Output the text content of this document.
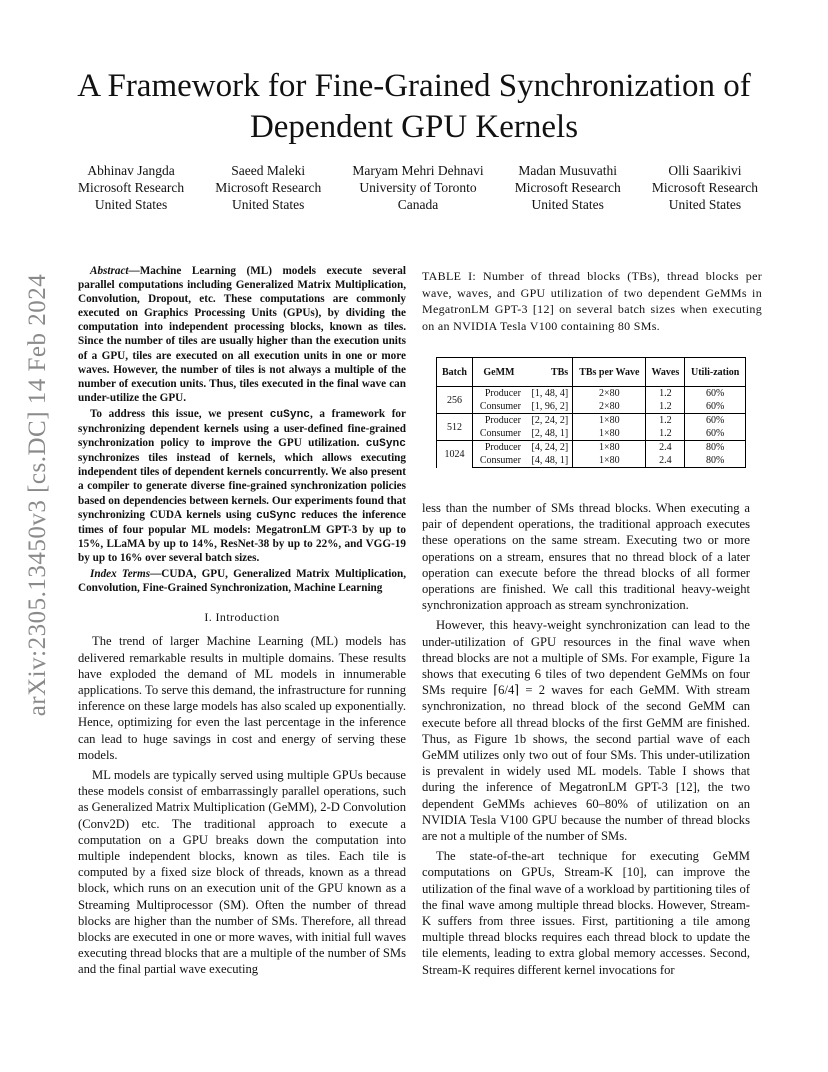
arXiv:2305.13450v3 [cs.DC] 14 Feb 2024
A Framework for Fine-Grained Synchronization of
Dependent GPU Kernels
Abhinav Jangda
Microsoft Research
United States
Saeed Maleki
Microsoft Research
United States
Maryam Mehri Dehnavi
University of Toronto
Canada
Madan Musuvathi
Microsoft Research
United States
Olli Saarikivi
Microsoft Research
United States

Abstract—Machine Learning (ML) models execute several parallel computations including Generalized Matrix Multiplication, Convolution, Dropout, etc. These computations are commonly executed on Graphics Processing Units (GPUs), by dividing the computation into independent processing blocks, known as tiles. Since the number of tiles are usually higher than the execution units of a GPU, tiles are executed on all execution units in one or more waves. However, the number of tiles is not always a multiple of the number of execution units. Thus, tiles executed in the final wave can under-utilize the GPU.

To address this issue, we present cuSync, a framework for synchronizing dependent kernels using a user-defined fine-grained synchronization policy to improve the GPU utilization. cuSync synchronizes tiles instead of kernels, which allows executing independent tiles of dependent kernels concurrently. We also present a compiler to generate diverse fine-grained synchronization policies based on dependencies between kernels. Our experiments found that synchronizing CUDA kernels using cuSync reduces the inference times of four popular ML models: MegatronLM GPT-3 by up to 15%, LLaMA by up to 14%, ResNet-38 by up to 22%, and VGG-19 by up to 16% over several batch sizes.

Index Terms—CUDA, GPU, Generalized Matrix Multiplication, Convolution, Fine-Grained Synchronization, Machine Learning

I. Introduction

The trend of larger Machine Learning (ML) models has delivered remarkable results in multiple domains. These results have exploded the demand of ML models in innumerable applications. To serve this demand, the infrastructure for running inference on these large models has also scaled up exponentially. Hence, optimizing for even the last percentage in the inference can lead to huge savings in cost and energy of serving these models.

ML models are typically served using multiple GPUs because these models consist of embarrassingly parallel operations, such as Generalized Matrix Multiplication (GeMM), 2-D Convolution (Conv2D) etc. The traditional approach to execute a computation on a GPU breaks down the computation into multiple independent blocks, known as tiles. Each tile is computed by a fixed size block of threads, known as a thread block, which runs on an execution unit of the GPU known as a Streaming Multiprocessor (SM). Often the number of thread blocks are higher than the number of SMs. Therefore, all thread blocks are executed in one or more waves, with initial full waves executing thread blocks that are a multiple of the number of SMs and the final partial wave executing

TABLE I: Number of thread blocks (TBs), thread blocks per wave, waves, and GPU utilization of two dependent GeMMs in MegatronLM GPT-3 [12] on several batch sizes when executing on an NVIDIA Tesla V100 containing 80 SMs.
Batch	GeMM	TBs	TBs per Wave	Waves	Utili-zation
256	Producer	[1, 48, 4]	2×80	1.2	60%
	Consumer	[1, 96, 2]	2×80	1.2	60%
512	Producer	[2, 24, 2]	1×80	1.2	60%
	Consumer	[2, 48, 1]	1×80	1.2	60%
1024	Producer	[4, 24, 2]	1×80	2.4	80%
	Consumer	[4, 48, 1]	1×80	2.4	80%

less than the number of SMs thread blocks. When executing a pair of dependent operations, the traditional approach executes these operations on the same stream. Executing two or more operations on a stream, ensures that no thread block of a later operation can execute before the thread blocks of all former operations are finished. We call this traditional heavy-weight synchronization approach as stream synchronization.

However, this heavy-weight synchronization can lead to the under-utilization of GPU resources in the final wave when thread blocks are not a multiple of SMs. For example, Figure 1a shows that executing 6 tiles of two dependent GeMMs on four SMs require ⌈6/4⌉ = 2 waves for each GeMM. With stream synchronization, no thread block of the second GeMM can execute before all thread blocks of the first GeMM are finished. Thus, as Figure 1b shows, the second partial wave of each GeMM utilizes only two out of four SMs. This under-utilization is prevalent in widely used ML models. Table I shows that during the inference of MegatronLM GPT-3 [12], the two dependent GeMMs achieves 60–80% of utilization on an NVIDIA Tesla V100 GPU because the number of thread blocks are not a multiple of the number of SMs.

The state-of-the-art technique for executing GeMM computations on GPUs, Stream-K [10], can improve the utilization of the final wave of a workload by partitioning tiles of the final wave among multiple thread blocks. However, Stream-K suffers from three issues. First, partitioning a tile among multiple thread blocks requires each thread block to update the tile elements, leading to extra global memory accesses. Second, Stream-K requires different kernel invocations for
